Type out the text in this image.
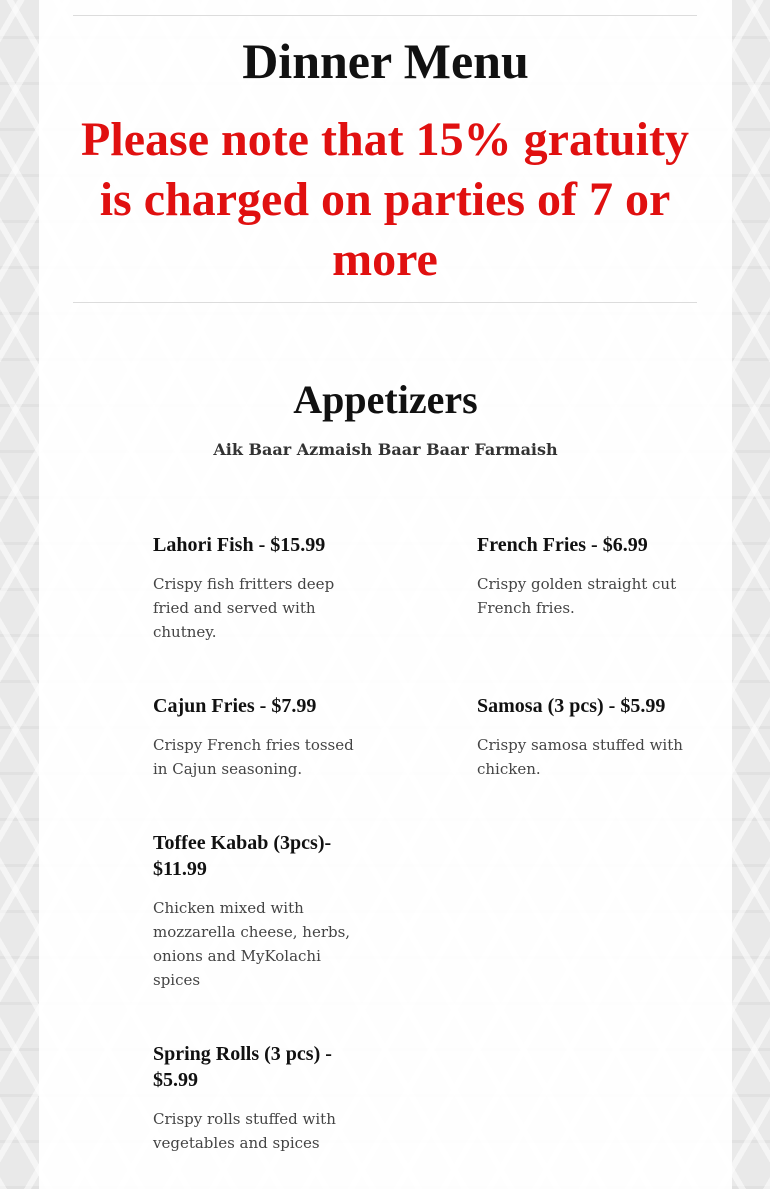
Dinner Menu
Please note that 15% gratuity is charged on parties of 7 or more
Appetizers

Aik Baar Azmaish Baar Baar Farmaish

Lahori Fish - $15.99

Crispy fish fritters deep fried and served with chutney.

French Fries - $6.99

Crispy golden straight cut French fries.

Cajun Fries - $7.99

Crispy French fries tossed in Cajun seasoning.

Samosa (3 pcs) - $5.99

Crispy samosa stuffed with chicken.

Toffee Kabab (3pcs)- $11.99

Chicken mixed with mozzarella cheese, herbs, onions and MyKolachi spices

Spring Rolls (3 pcs) - $5.99

Crispy rolls stuffed with vegetables and spices
